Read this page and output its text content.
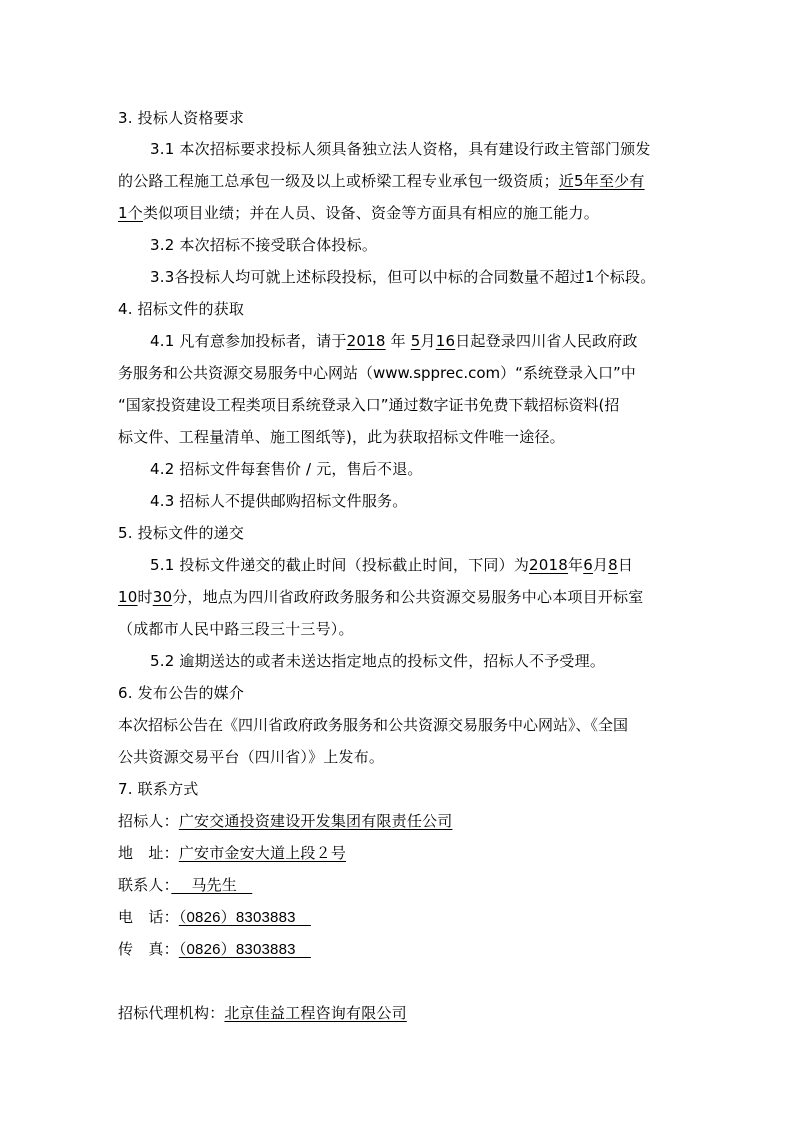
3. 投标人资格要求
3.1 本次招标要求投标人须具备独立法人资格，具有建设行政主管部门颁发
的公路工程施工总承包一级及以上或桥梁工程专业承包一级资质；近5年至少有
1个类似项目业绩；并在人员、设备、资金等方面具有相应的施工能力。
3.2 本次招标不接受联合体投标。
3.3各投标人均可就上述标段投标，但可以中标的合同数量不超过1个标段。
4. 招标文件的获取
4.1 凡有意参加投标者，请于2018 年 5月16日起登录四川省人民政府政
务服务和公共资源交易服务中心网站（www.spprec.com）“系统登录入口”中
“国家投资建设工程类项目系统登录入口”通过数字证书免费下载招标资料(招
标文件、工程量清单、施工图纸等)，此为获取招标文件唯一途径。
4.2 招标文件每套售价 / 元，售后不退。
4.3 招标人不提供邮购招标文件服务。
5. 投标文件的递交
5.1 投标文件递交的截止时间（投标截止时间，下同）为2018年6月8日
10时30分，地点为四川省政府政务服务和公共资源交易服务中心本项目开标室
（成都市人民中路三段三十三号）。
5.2 逾期送达的或者未送达指定地点的投标文件，招标人不予受理。
6. 发布公告的媒介
本次招标公告在《四川省政府政务服务和公共资源交易服务中心网站》、《全国
公共资源交易平台（四川省）》上发布。
7. 联系方式
招标人：广安交通投资建设开发集团有限责任公司
地　址：广安市金安大道上段２号
联系人：　 马先生　
电　话：（0826）8303883　
传　真：（0826）8303883　
招标代理机构：北京佳益工程咨询有限公司
